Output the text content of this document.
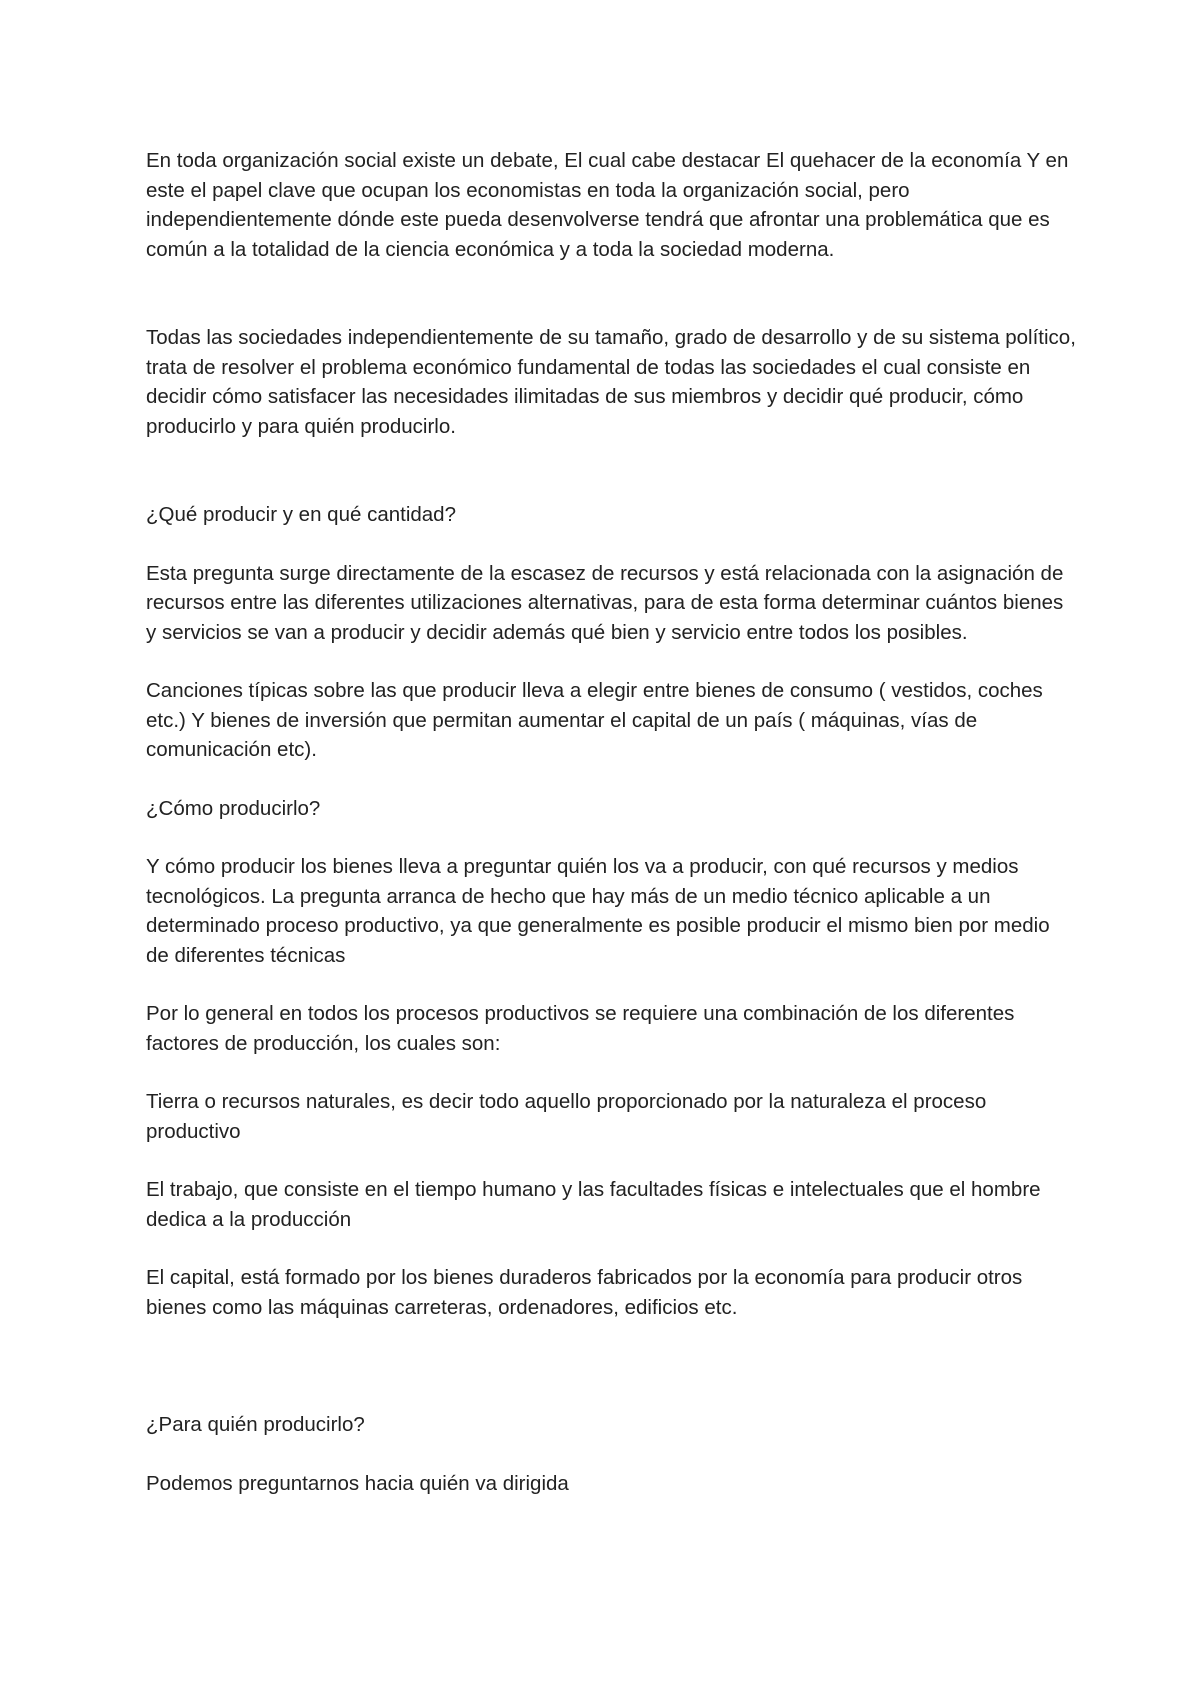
En toda organización social existe un debate, El cual cabe destacar El quehacer de la economía Y en este el papel clave que ocupan los economistas en toda la organización social, pero independientemente dónde este pueda desenvolverse tendrá que afrontar una problemática que es común a la totalidad de la ciencia económica y a toda la sociedad moderna.

Todas las sociedades independientemente de su tamaño, grado de desarrollo y de su sistema político, trata de resolver el problema económico fundamental de todas las sociedades el cual consiste en decidir cómo satisfacer las necesidades ilimitadas de sus miembros y decidir qué producir, cómo producirlo y para quién producirlo.

¿Qué producir y en qué cantidad?

Esta pregunta surge directamente de la escasez de recursos y está relacionada con la asignación de recursos entre las diferentes utilizaciones alternativas, para de esta forma determinar cuántos bienes y servicios se van a producir y decidir además qué bien y servicio entre todos los posibles.

Canciones típicas sobre las que producir lleva a elegir entre bienes de consumo ( vestidos, coches etc.) Y bienes de inversión que permitan aumentar el capital de un país ( máquinas, vías de comunicación etc).

¿Cómo producirlo?

Y cómo producir los bienes lleva a preguntar quién los va a producir, con qué recursos y medios tecnológicos. La pregunta arranca de hecho que hay más de un medio técnico aplicable a un determinado proceso productivo, ya que generalmente es posible producir el mismo bien por medio de diferentes técnicas

Por lo general en todos los procesos productivos se requiere una combinación de los diferentes factores de producción, los cuales son:

Tierra o recursos naturales, es decir todo aquello proporcionado por la naturaleza el proceso productivo

El trabajo, que consiste en el tiempo humano y las facultades físicas e intelectuales que el hombre dedica a la producción

El capital, está formado por los bienes duraderos fabricados por la economía para producir otros bienes como las máquinas carreteras, ordenadores, edificios etc.

¿Para quién producirlo?

Podemos preguntarnos hacia quién va dirigida
